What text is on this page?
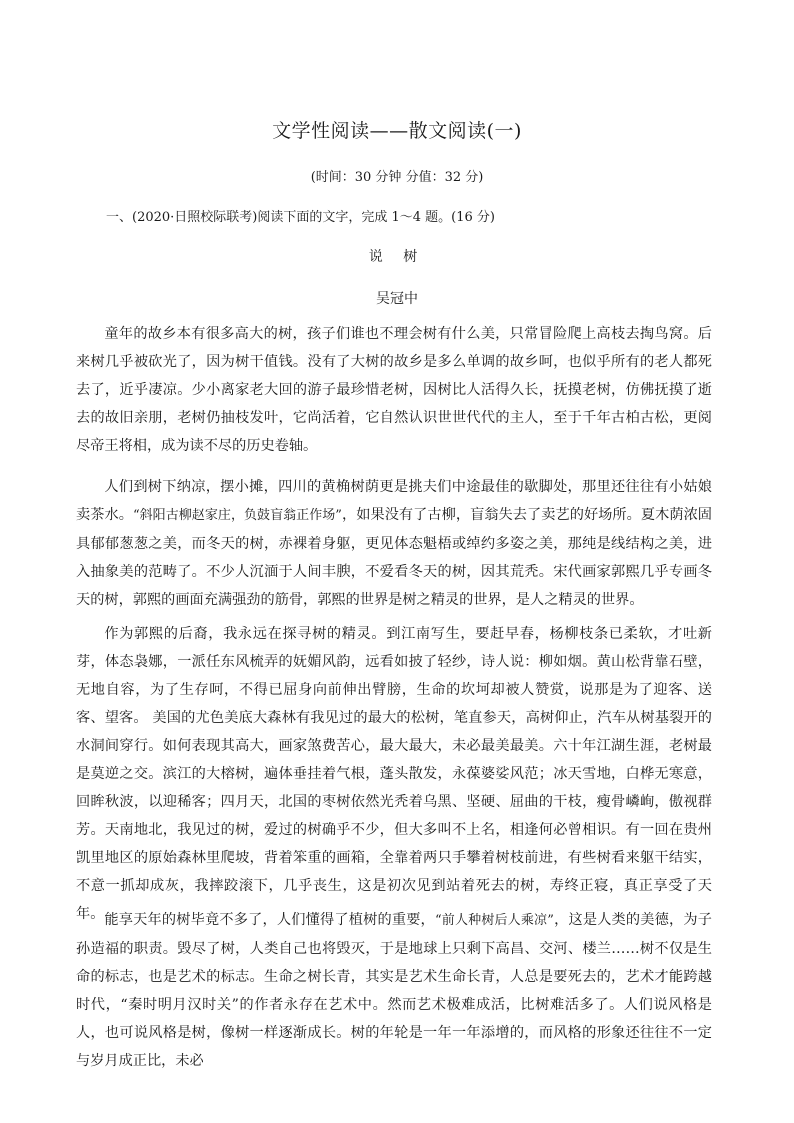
文学性阅读——散文阅读(一)
(时间：30 分钟 分值：32 分)
一、(2020·日照校际联考)阅读下面的文字，完成 1～4 题。(16 分)
说 树
吴冠中

童年的故乡本有很多高大的树，孩子们谁也不理会树有什么美，只常冒险爬上高枝去掏鸟窝。后来树几乎被砍光了，因为树干值钱。没有了大树的故乡是多么单调的故乡呵，也似乎所有的老人都死去了，近乎凄凉。少小离家老大回的游子最珍惜老树，因树比人活得久长，抚摸老树，仿佛抚摸了逝去的故旧亲朋，老树仍抽枝发叶，它尚活着，它自然认识世世代代的主人，至于千年古柏古松，更阅尽帝王将相，成为读不尽的历史卷轴。

人们到树下纳凉，摆小摊，四川的黄桷树荫更是挑夫们中途最佳的歇脚处，那里还往往有小姑娘卖茶水。“斜阳古柳赵家庄，负鼓盲翁正作场”，如果没有了古柳，盲翁失去了卖艺的好场所。夏木荫浓固具郁郁葱葱之美，而冬天的树，赤裸着身躯，更见体态魁梧或绰约多姿之美，那纯是线结构之美，进入抽象美的范畴了。不少人沉湎于人间丰腴，不爱看冬天的树，因其荒秃。宋代画家郭熙几乎专画冬天的树，郭熙的画面充满强劲的筋骨，郭熙的世界是树之精灵的世界，是人之精灵的世界。

作为郭熙的后裔，我永远在探寻树的精灵。到江南写生，要赶早春，杨柳枝条已柔软，才吐新芽，体态袅娜，一派任东风梳弄的妩媚风韵，远看如披了轻纱，诗人说：柳如烟。黄山松背靠石壁，无地自容，为了生存呵，不得已屈身向前伸出臂膀，生命的坎坷却被人赞赏，说那是为了迎客、送客、望客。 美国的尤色美底大森林有我见过的最大的松树，笔直参天，高树仰止，汽车从树基裂开的水洞间穿行。如何表现其高大，画家煞费苦心，最大最大，未必最美最美。六十年江湖生涯，老树最是莫逆之交。滨江的大榕树，遍体垂挂着气根，蓬头散发，永葆婆娑风范；冰天雪地，白桦无寒意，回眸秋波，以迎稀客；四月天，北国的枣树依然光秃着乌黑、坚硬、屈曲的干枝，瘦骨嶙峋，傲视群芳。天南地北，我见过的树，爱过的树确乎不少，但大多叫不上名，相逢何必曾相识。有一回在贵州凯里地区的原始森林里爬坡，背着笨重的画箱，全靠着两只手攀着树枝前进，有些树看来躯干结实，不意一抓却成灰，我摔跤滚下，几乎丧生，这是初次见到站着死去的树，寿终正寝，真正享受了天年。 能享天年的树毕竟不多了，人们懂得了植树的重要，“前人种树后人乘凉”，这是人类的美德，为子孙造福的职责。毁尽了树，人类自己也将毁灭，于是地球上只剩下高昌、交河、楼兰……树不仅是生命的标志，也是艺术的标志。生命之树长青，其实是艺术生命长青，人总是要死去的，艺术才能跨越时代，“秦时明月汉时关”的作者永存在艺术中。然而艺术极难成活，比树难活多了。人们说风格是人，也可说风格是树，像树一样逐渐成长。树的年轮是一年一年添增的，而风格的形象还往往不一定与岁月成正比，未必
